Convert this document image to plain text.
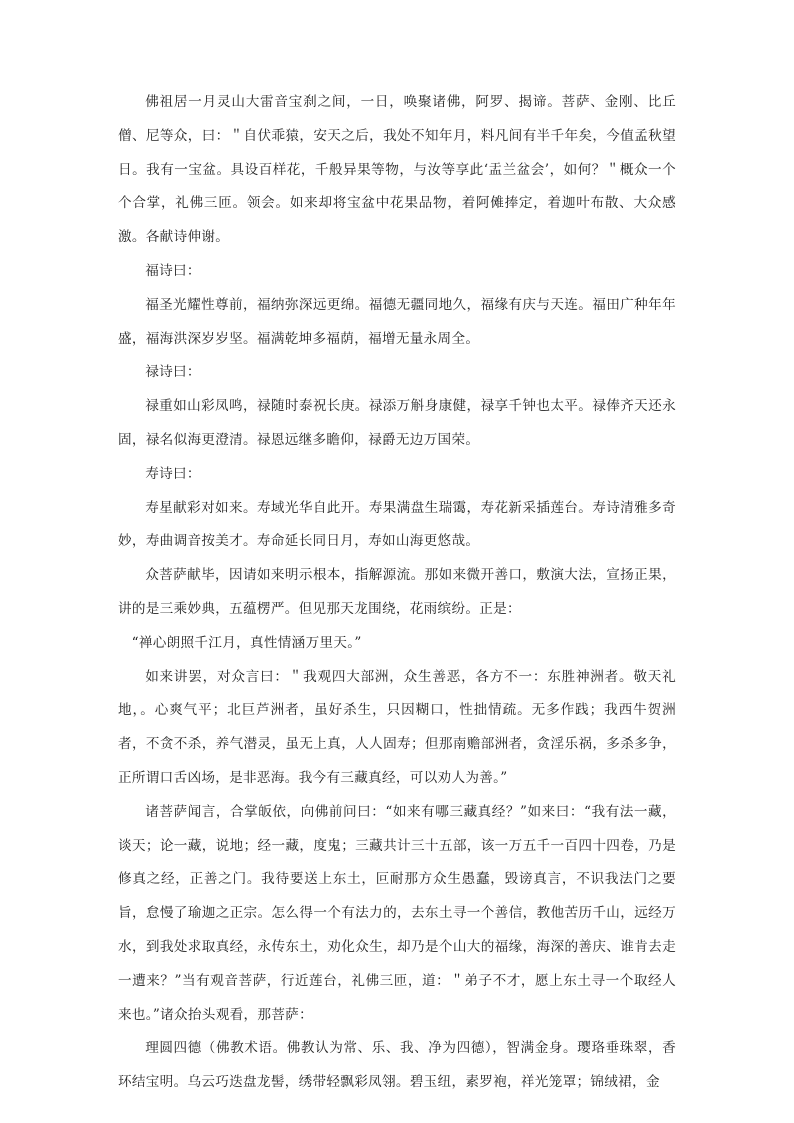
佛祖居一月灵山大雷音宝刹之间，一日，唤聚诸佛，阿罗、揭谛。菩萨、金刚、比丘僧、尼等众，曰：＂自伏乖猿，安天之后，我处不知年月，料凡间有半千年矣，今值孟秋望日。我有一宝盆。具设百样花，千般异果等物，与汝等享此‘盂兰盆会’，如何？＂概众一个个合掌，礼佛三匝。领会。如来却将宝盆中花果品物，着阿傩捧定，着迦叶布散、大众感激。各献诗伸谢。

福诗曰：

福圣光耀性尊前，福纳弥深远更绵。福德无疆同地久，福缘有庆与天连。福田广种年年盛，福海洪深岁岁坚。福满乾坤多福荫，福增无量永周全。

禄诗曰：

禄重如山彩凤鸣，禄随时泰祝长庚。禄添万斛身康健，禄享千钟也太平。禄俸齐天还永固，禄名似海更澄清。禄恩远继多瞻仰，禄爵无边万国荣。

寿诗曰：

寿星献彩对如来。寿域光华自此开。寿果满盘生瑞霭，寿花新采插莲台。寿诗清雅多奇妙，寿曲调音按美才。寿命延长同日月，寿如山海更悠哉。

众菩萨献毕，因请如来明示根本，指解源流。那如来微开善口，敷演大法，宣扬正果，讲的是三乘妙典，五蕴楞严。但见那天龙围绕，花雨缤纷。正是：

“禅心朗照千江月，真性情涵万里天。”

如来讲罢，对众言曰：＂我观四大部洲，众生善恶，各方不一：东胜神洲者。敬天礼地，。心爽气平；北巨芦洲者，虽好杀生，只因糊口，性拙情疏。无多作践；我西牛贺洲者，不贪不杀，养气潜灵，虽无上真，人人固寿；但那南赡部洲者，贪淫乐祸，多杀多争，正所谓口舌凶场，是非恶海。我今有三藏真经，可以劝人为善。”

诸菩萨闻言，合掌皈依，向佛前问曰：“如来有哪三藏真经？”如来曰：“我有法一藏，谈天；论一藏，说地；经一藏，度鬼；三藏共计三十五部，该一万五千一百四十四卷，乃是修真之经，正善之门。我待要送上东土，叵耐那方众生愚蠢，毁谤真言，不识我法门之要旨，怠慢了瑜迦之正宗。怎么得一个有法力的，去东土寻一个善信，教他苦历千山，远经万水，到我处求取真经，永传东土，劝化众生，却乃是个山大的福缘，海深的善庆、谁肯去走一遭来？”当有观音菩萨，行近莲台，礼佛三匝，道：＂弟子不才，愿上东土寻一个取经人来也。”诸众抬头观看，那菩萨：

理圆四德（佛教术语。佛教认为常、乐、我、净为四德），智满金身。璎珞垂珠翠，香环结宝明。乌云巧迭盘龙髻，绣带轻飘彩凤翎。碧玉纽，素罗袍，祥光笼罩；锦绒裙，金
